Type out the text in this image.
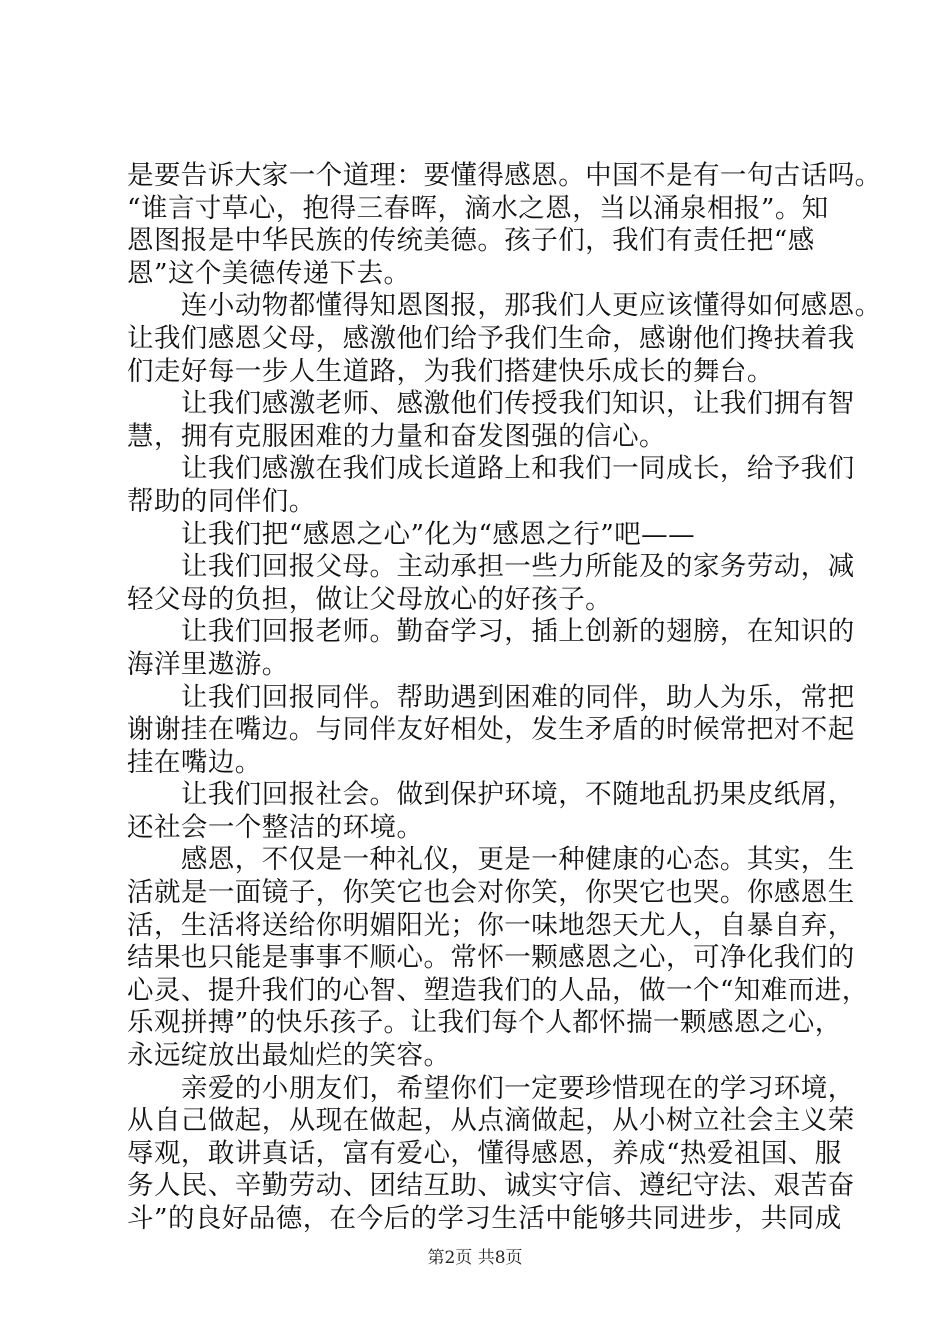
是要告诉大家一个道理：要懂得感恩。中国不是有一句古话吗。
“谁言寸草心，抱得三春晖，滴水之恩，当以涌泉相报”。知
恩图报是中华民族的传统美德。孩子们，我们有责任把“感
恩”这个美德传递下去。
　　连小动物都懂得知恩图报，那我们人更应该懂得如何感恩。
让我们感恩父母，感激他们给予我们生命，感谢他们搀扶着我
们走好每一步人生道路，为我们搭建快乐成长的舞台。
　　让我们感激老师、感激他们传授我们知识，让我们拥有智
慧，拥有克服困难的力量和奋发图强的信心。
　　让我们感激在我们成长道路上和我们一同成长，给予我们
帮助的同伴们。
　　让我们把“感恩之心”化为“感恩之行”吧——
　　让我们回报父母。主动承担一些力所能及的家务劳动，减
轻父母的负担，做让父母放心的好孩子。
　　让我们回报老师。勤奋学习，插上创新的翅膀，在知识的
海洋里遨游。
　　让我们回报同伴。帮助遇到困难的同伴，助人为乐，常把
谢谢挂在嘴边。与同伴友好相处，发生矛盾的时候常把对不起
挂在嘴边。
　　让我们回报社会。做到保护环境，不随地乱扔果皮纸屑，
还社会一个整洁的环境。
　　感恩，不仅是一种礼仪，更是一种健康的心态。其实，生
活就是一面镜子，你笑它也会对你笑，你哭它也哭。你感恩生
活，生活将送给你明媚阳光；你一味地怨天尤人，自暴自弃，
结果也只能是事事不顺心。常怀一颗感恩之心，可净化我们的
心灵、提升我们的心智、塑造我们的人品，做一个“知难而进，
乐观拼搏”的快乐孩子。让我们每个人都怀揣一颗感恩之心，
永远绽放出最灿烂的笑容。
　　亲爱的小朋友们，希望你们一定要珍惜现在的学习环境，
从自己做起，从现在做起，从点滴做起，从小树立社会主义荣
辱观，敢讲真话，富有爱心，懂得感恩，养成“热爱祖国、服
务人民、辛勤劳动、团结互助、诚实守信、遵纪守法、艰苦奋
斗”的良好品德，在今后的学习生活中能够共同进步，共同成
第2页 共8页
